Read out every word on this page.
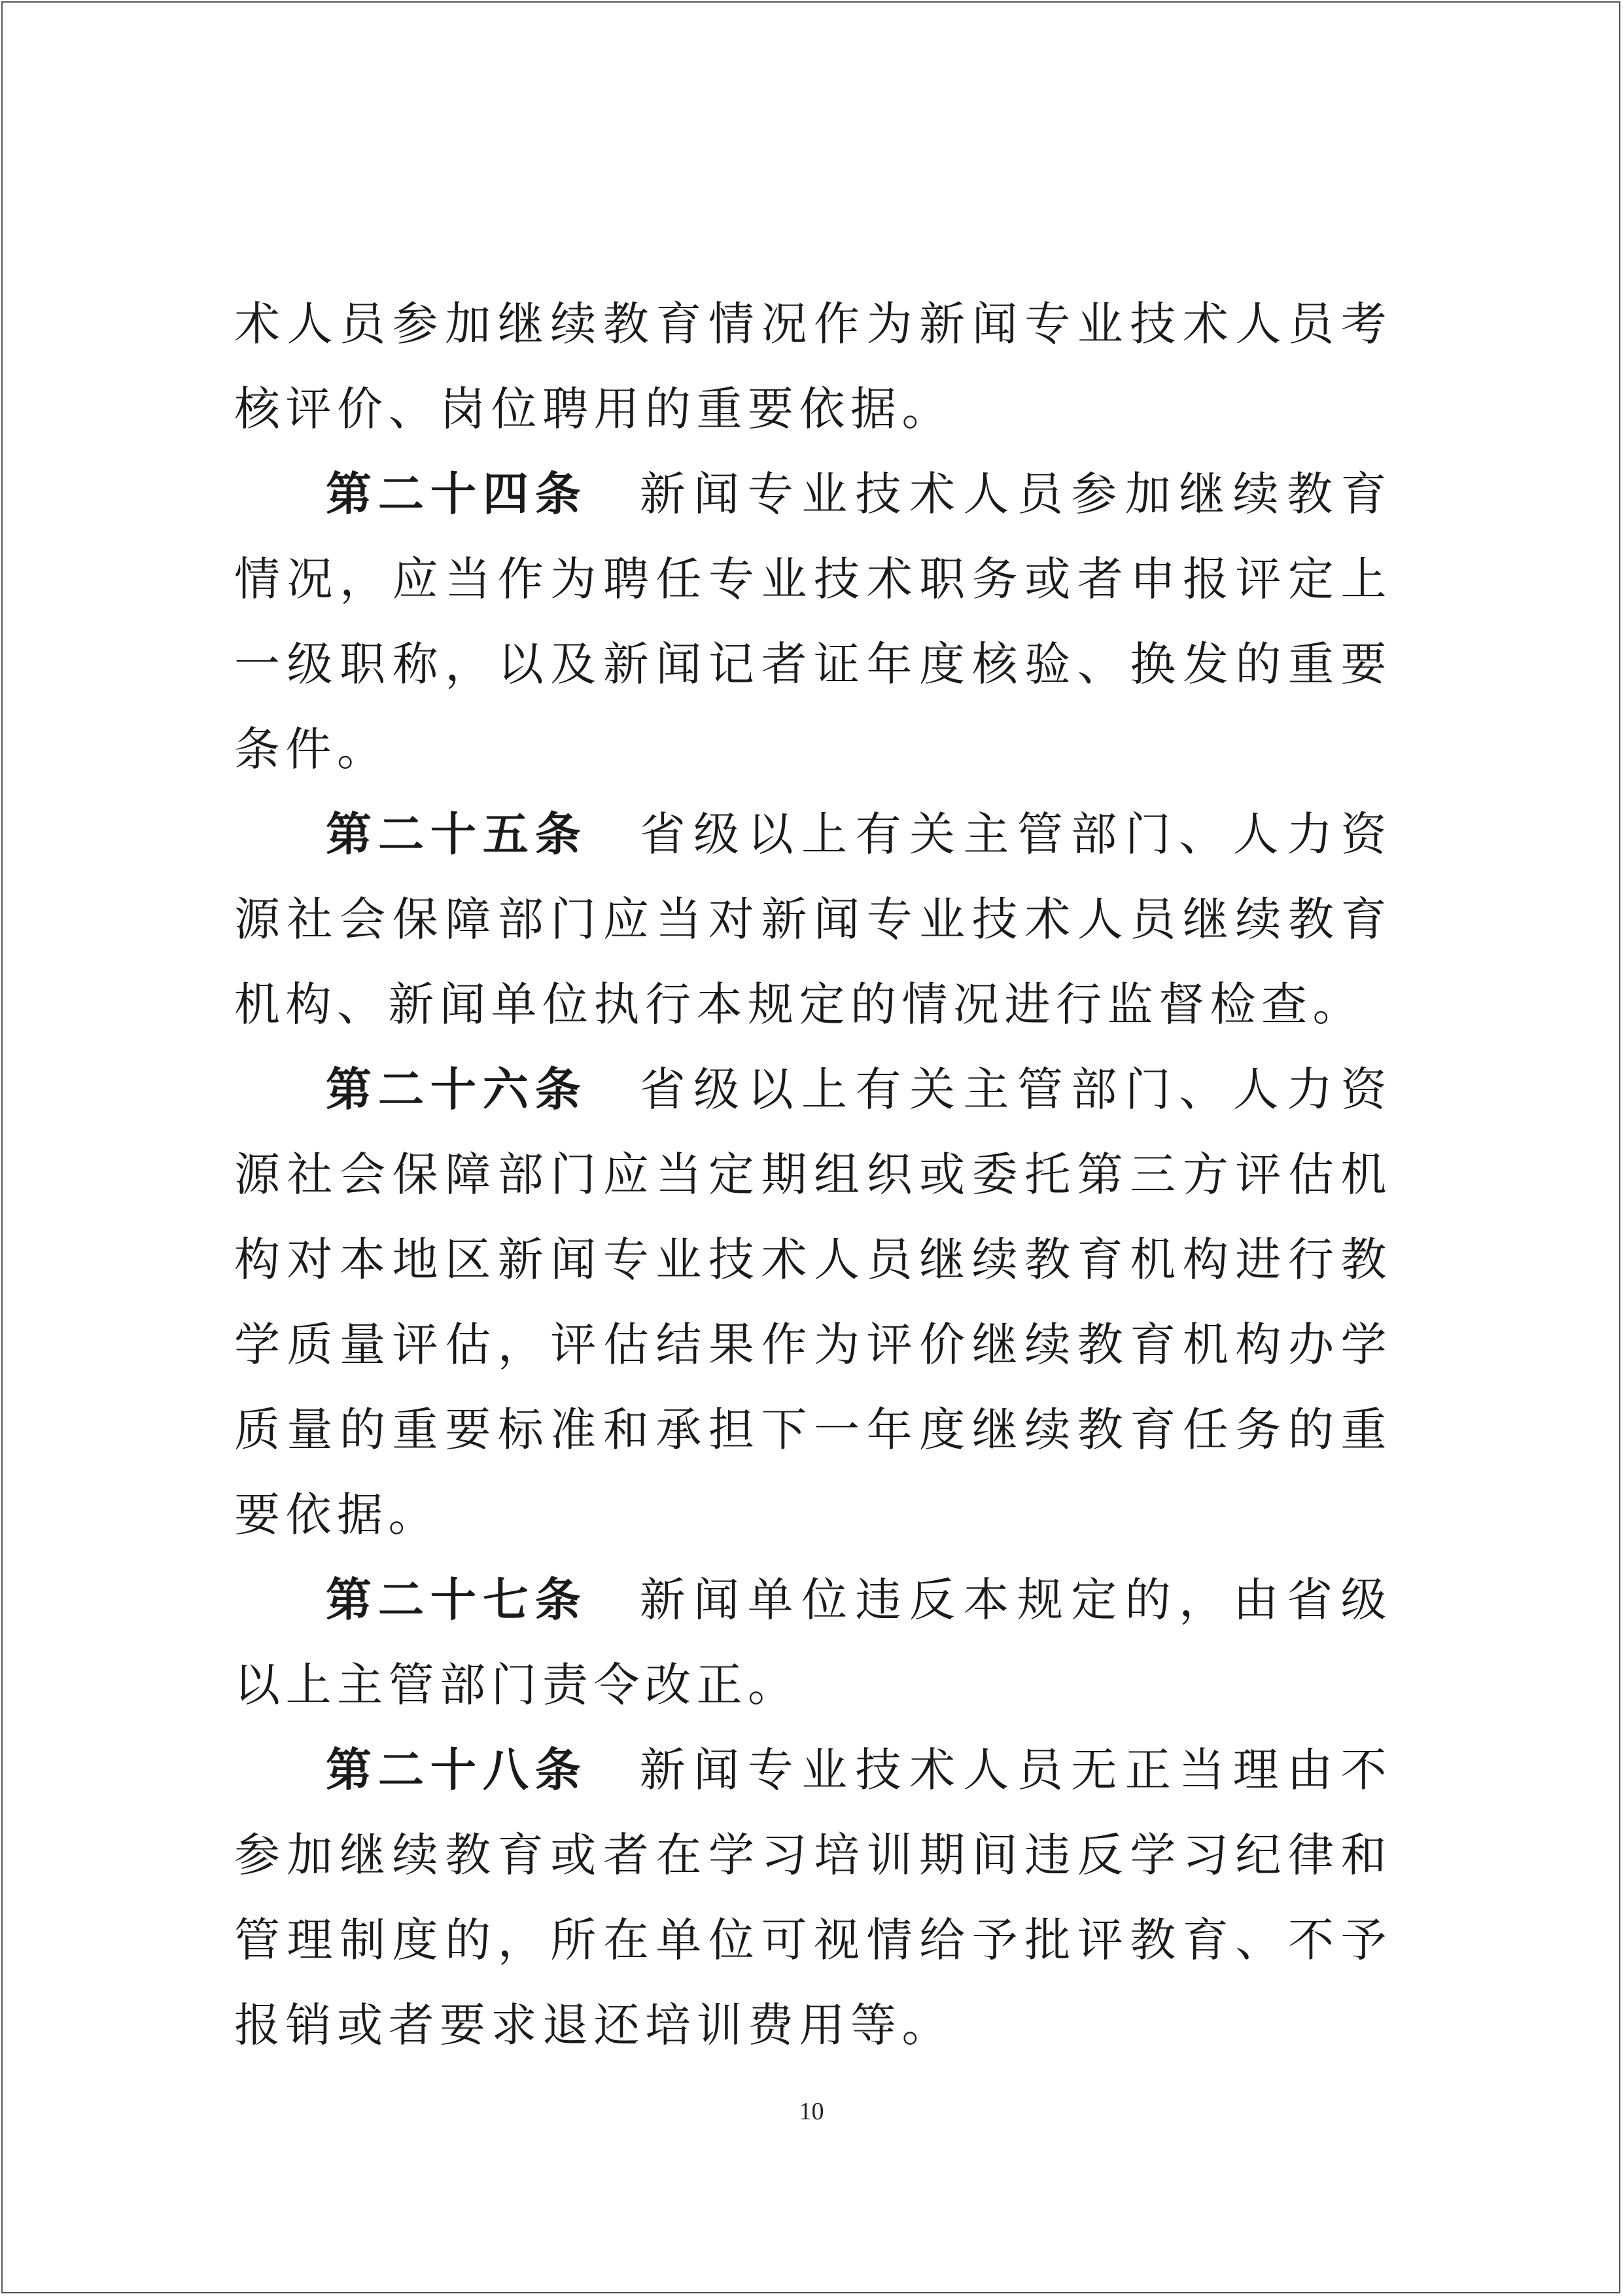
术人员参加继续教育情况作为新闻专业技术人员考核评价、岗位聘用的重要依据。

第二十四条 新闻专业技术人员参加继续教育情况，应当作为聘任专业技术职务或者申报评定上一级职称，以及新闻记者证年度核验、换发的重要条件。

第二十五条 省级以上有关主管部门、人力资源社会保障部门应当对新闻专业技术人员继续教育机构、新闻单位执行本规定的情况进行监督检查。

第二十六条 省级以上有关主管部门、人力资源社会保障部门应当定期组织或委托第三方评估机构对本地区新闻专业技术人员继续教育机构进行教学质量评估，评估结果作为评价继续教育机构办学质量的重要标准和承担下一年度继续教育任务的重要依据。

第二十七条 新闻单位违反本规定的，由省级以上主管部门责令改正。

第二十八条 新闻专业技术人员无正当理由不参加继续教育或者在学习培训期间违反学习纪律和管理制度的，所在单位可视情给予批评教育、不予报销或者要求退还培训费用等。

10
